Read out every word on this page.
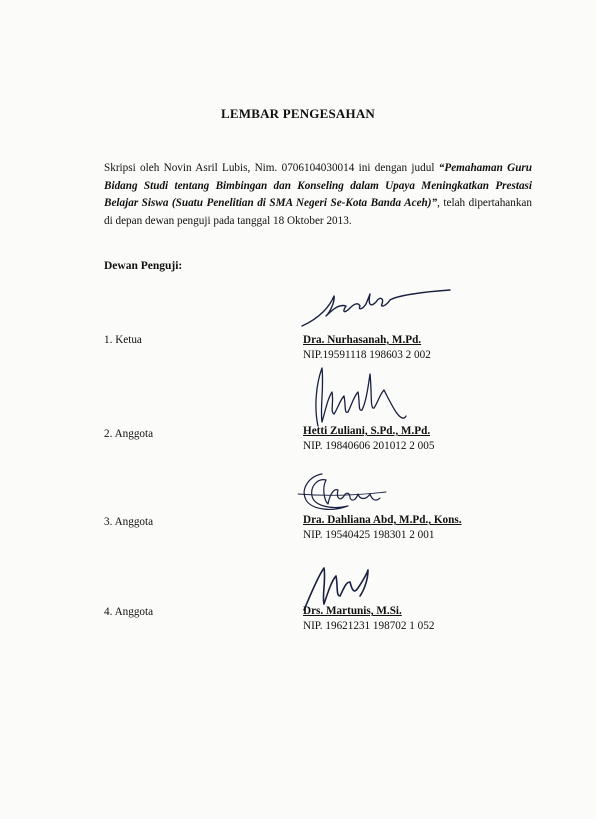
LEMBAR PENGESAHAN
Skripsi oleh Novin Asril Lubis, Nim. 0706104030014 ini dengan judul “Pemahaman Guru Bidang Studi tentang Bimbingan dan Konseling dalam Upaya Meningkatkan Prestasi Belajar Siswa (Suatu Penelitian di SMA Negeri Se-Kota Banda Aceh)”, telah dipertahankan di depan dewan penguji pada tanggal 18 Oktober 2013.
Dewan Penguji:
1. Ketua	Dra. Nurhasanah, M.Pd.
NIP.19591118 198603 2 002
2. Anggota	Hetti Zuliani, S.Pd., M.Pd.
NIP. 19840606 201012 2 005
3. Anggota	Dra. Dahliana Abd, M.Pd., Kons.
NIP. 19540425 198301 2 001
4. Anggota	Drs. Martunis, M.Si.
NIP. 19621231 198702 1 052
